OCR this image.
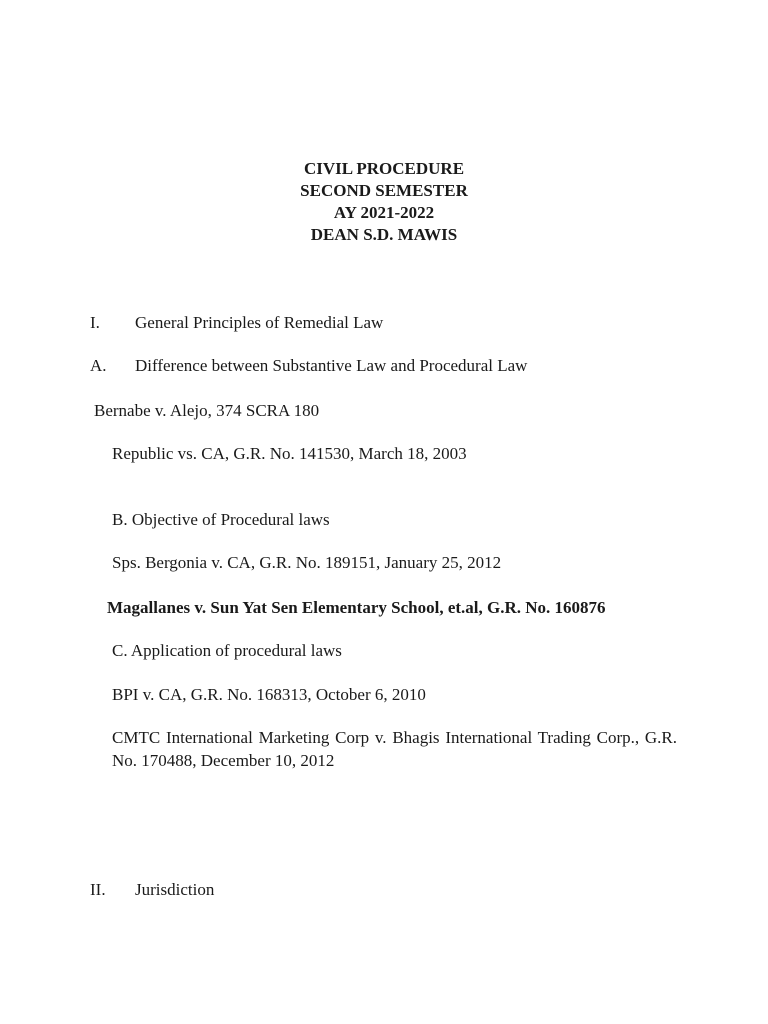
CIVIL PROCEDURE
SECOND SEMESTER
AY 2021-2022
DEAN S.D. MAWIS
I. General Principles of Remedial Law
A. Difference between Substantive Law and Procedural Law
Bernabe v. Alejo, 374 SCRA 180
Republic vs. CA, G.R. No. 141530, March 18, 2003
B. Objective of Procedural laws
Sps. Bergonia v. CA, G.R. No. 189151, January 25, 2012
Magallanes v. Sun Yat Sen Elementary School, et.al, G.R. No. 160876
C. Application of procedural laws
BPI v. CA, G.R. No. 168313, October 6, 2010
CMTC International Marketing Corp v. Bhagis International Trading Corp., G.R. No. 170488, December 10, 2012
II. Jurisdiction
